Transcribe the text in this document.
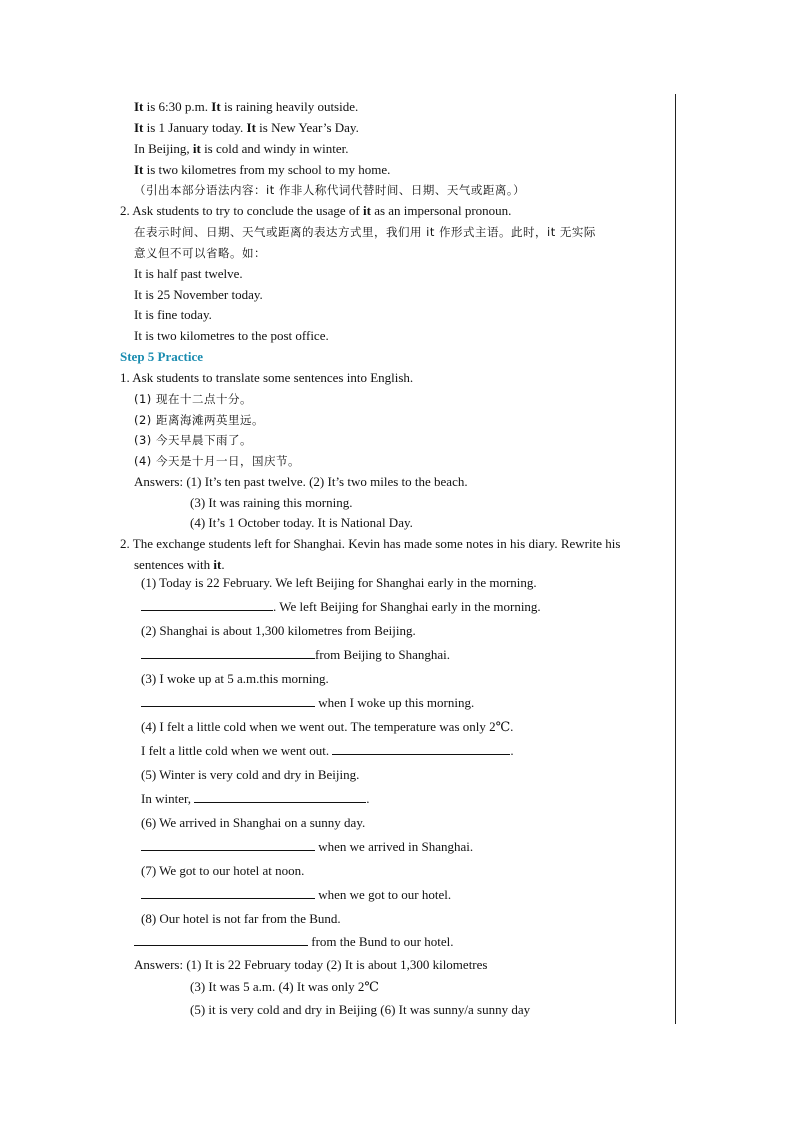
It is 6:30 p.m. It is raining heavily outside.
It is 1 January today. It is New Year’s Day.
In Beijing, it is cold and windy in winter.
It is two kilometres from my school to my home.
（引出本部分语法内容：it 作非人称代词代替时间、日期、天气或距离。）
2. Ask students to try to conclude the usage of it as an impersonal pronoun.
在表示时间、日期、天气或距离的表达方式里，我们用 it 作形式主语。此时，it 无实际
意义但不可以省略。如：
It is half past twelve.
It is 25 November today.
It is fine today.
It is two kilometres to the post office.
Step 5 Practice
1. Ask students to translate some sentences into English.
(1) 现在十二点十分。
(2) 距离海滩两英里远。
(3) 今天早晨下雨了。
(4) 今天是十月一日，国庆节。
Answers: (1) It’s ten past twelve. (2) It’s two miles to the beach.
(3) It was raining this morning.
(4) It’s 1 October today. It is National Day.
2. The exchange students left for Shanghai. Kevin has made some notes in his diary. Rewrite his
sentences with it.
(1) Today is 22 February. We left Beijing for Shanghai early in the morning.
. We left Beijing for Shanghai early in the morning.
(2) Shanghai is about 1,300 kilometres from Beijing.
from Beijing to Shanghai.
(3) I woke up at 5 a.m.this morning.
when I woke up this morning.
(4) I felt a little cold when we went out. The temperature was only 2℃.
I felt a little cold when we went out.	.
(5) Winter is very cold and dry in Beijing.
In winter,	.
(6) We arrived in Shanghai on a sunny day.
when we arrived in Shanghai.
(7) We got to our hotel at noon.
when we got to our hotel.
(8) Our hotel is not far from the Bund.
from the Bund to our hotel.
Answers: (1) It is 22 February today (2) It is about 1,300 kilometres
(3) It was 5 a.m. (4) It was only 2℃
(5) it is very cold and dry in Beijing (6) It was sunny/a sunny day
